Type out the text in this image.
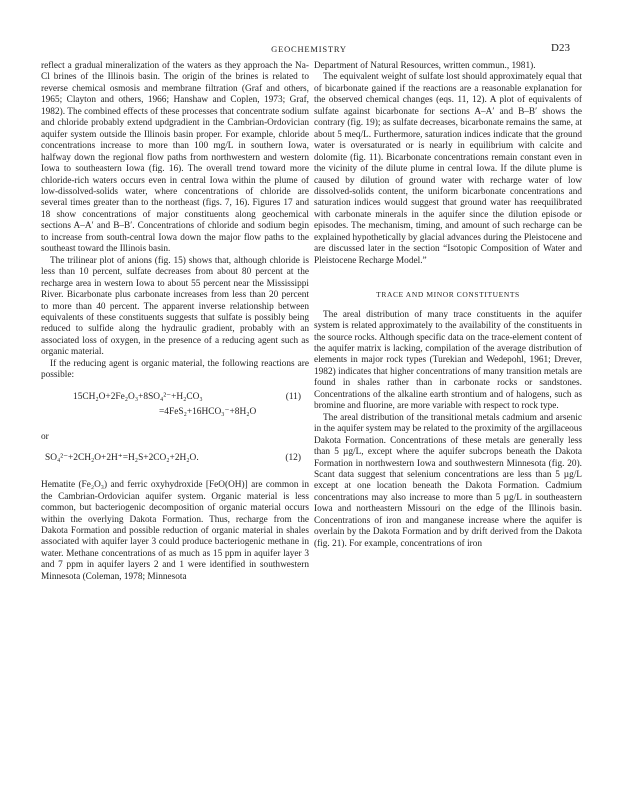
GEOCHEMISTRY	D23

reflect a gradual mineralization of the waters as they approach the Na-Cl brines of the Illinois basin. The origin of the brines is related to reverse chemical osmosis and membrane filtration (Graf and others, 1965; Clayton and others, 1966; Hanshaw and Coplen, 1973; Graf, 1982). The combined effects of these processes that concentrate sodium and chloride probably extend updgradient in the Cambrian-Ordovician aquifer system outside the Illinois basin proper. For example, chloride concentrations increase to more than 100 mg/L in southern Iowa, halfway down the regional flow paths from northwestern and western Iowa to southeastern Iowa (fig. 16). The overall trend toward more chloride-rich waters occurs even in central Iowa within the plume of low-dissolved-solids water, where concentrations of chloride are several times greater than to the northeast (figs. 7, 16). Figures 17 and 18 show concentrations of major constituents along geochemical sections A–A′ and B–B′. Concentrations of chloride and sodium begin to increase from south-central Iowa down the major flow paths to the southeast toward the Illinois basin.

The trilinear plot of anions (fig. 15) shows that, although chloride is less than 10 percent, sulfate decreases from about 80 percent at the recharge area in western Iowa to about 55 percent near the Mississippi River. Bicarbonate plus carbonate increases from less than 20 percent to more than 40 percent. The apparent inverse relationship between equivalents of these constituents suggests that sulfate is possibly being reduced to sulfide along the hydraulic gradient, probably with an associated loss of oxygen, in the presence of a reducing agent such as organic material.

If the reducing agent is organic material, the following reactions are possible:

15CH₂O+2Fe₂O₃+8SO₄²⁻+H₂CO₃	(11)
=4FeS₂+16HCO₃⁻+8H₂O

or

SO₄²⁻+2CH₂O+2H⁺=H₂S+2CO₂+2H₂O.	(12)

Hematite (Fe₂O₃) and ferric oxyhydroxide [FeO(OH)] are common in the Cambrian-Ordovician aquifer system. Organic material is less common, but bacteriogenic decomposition of organic material occurs within the overlying Dakota Formation. Thus, recharge from the Dakota Formation and possible reduction of organic material in shales associated with aquifer layer 3 could produce bacteriogenic methane in water. Methane concentrations of as much as 15 ppm in aquifer layer 3 and 7 ppm in aquifer layers 2 and 1 were identified in southwestern Minnesota (Coleman, 1978; Minnesota

Department of Natural Resources, written commun., 1981).

The equivalent weight of sulfate lost should approximately equal that of bicarbonate gained if the reactions are a reasonable explanation for the observed chemical changes (eqs. 11, 12). A plot of equivalents of sulfate against bicarbonate for sections A–A′ and B–B′ shows the contrary (fig. 19); as sulfate decreases, bicarbonate remains the same, at about 5 meq/L. Furthermore, saturation indices indicate that the ground water is oversaturated or is nearly in equilibrium with calcite and dolomite (fig. 11). Bicarbonate concentrations remain constant even in the vicinity of the dilute plume in central Iowa. If the dilute plume is caused by dilution of ground water with recharge water of low dissolved-solids content, the uniform bicarbonate concentrations and saturation indices would suggest that ground water has reequilibrated with carbonate minerals in the aquifer since the dilution episode or episodes. The mechanism, timing, and amount of such recharge can be explained hypothetically by glacial advances during the Pleistocene and are discussed later in the section “Isotopic Composition of Water and Pleistocene Recharge Model.”

TRACE AND MINOR CONSTITUENTS

The areal distribution of many trace constituents in the aquifer system is related approximately to the availability of the constituents in the source rocks. Although specific data on the trace-element content of the aquifer matrix is lacking, compilation of the average distribution of elements in major rock types (Turekian and Wedepohl, 1961; Drever, 1982) indicates that higher concentrations of many transition metals are found in shales rather than in carbonate rocks or sandstones. Concentrations of the alkaline earth strontium and of halogens, such as bromine and fluorine, are more variable with respect to rock type.

The areal distribution of the transitional metals cadmium and arsenic in the aquifer system may be related to the proximity of the argillaceous Dakota Formation. Concentrations of these metals are generally less than 5 µg/L, except where the aquifer subcrops beneath the Dakota Formation in northwestern Iowa and southwestern Minnesota (fig. 20). Scant data suggest that selenium concentrations are less than 5 µg/L except at one location beneath the Dakota Formation. Cadmium concentrations may also increase to more than 5 µg/L in southeastern Iowa and northeastern Missouri on the edge of the Illinois basin. Concentrations of iron and manganese increase where the aquifer is overlain by the Dakota Formation and by drift derived from the Dakota (fig. 21). For example, concentrations of iron
